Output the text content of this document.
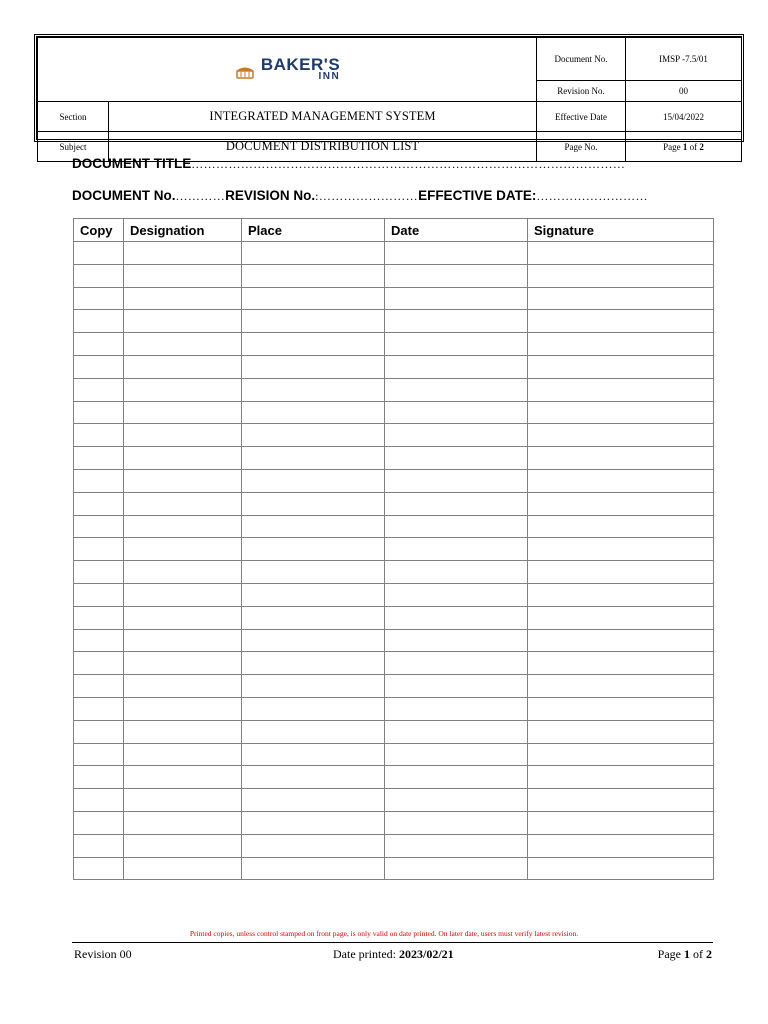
BAKER'S
INN		Document No.	IMSP -7.5/01
		Revision No.	00
Section	INTEGRATED MANAGEMENT SYSTEM	Effective Date	15/04/2022
Subject	DOCUMENT DISTRIBUTION LIST	Page No.	Page 1 of 2
DOCUMENT TITLE……………………………………………………………………………………………
DOCUMENT No.…………REVISION No.:……………………EFFECTIVE DATE:………………………
Copy	Designation	Place	Date	Signature

Printed copies, unless control stamped on front page, is only valid on date printed. On later date, users must verify latest revision.
Revision 00	Date printed: 2023/02/21	Page 1 of 2
